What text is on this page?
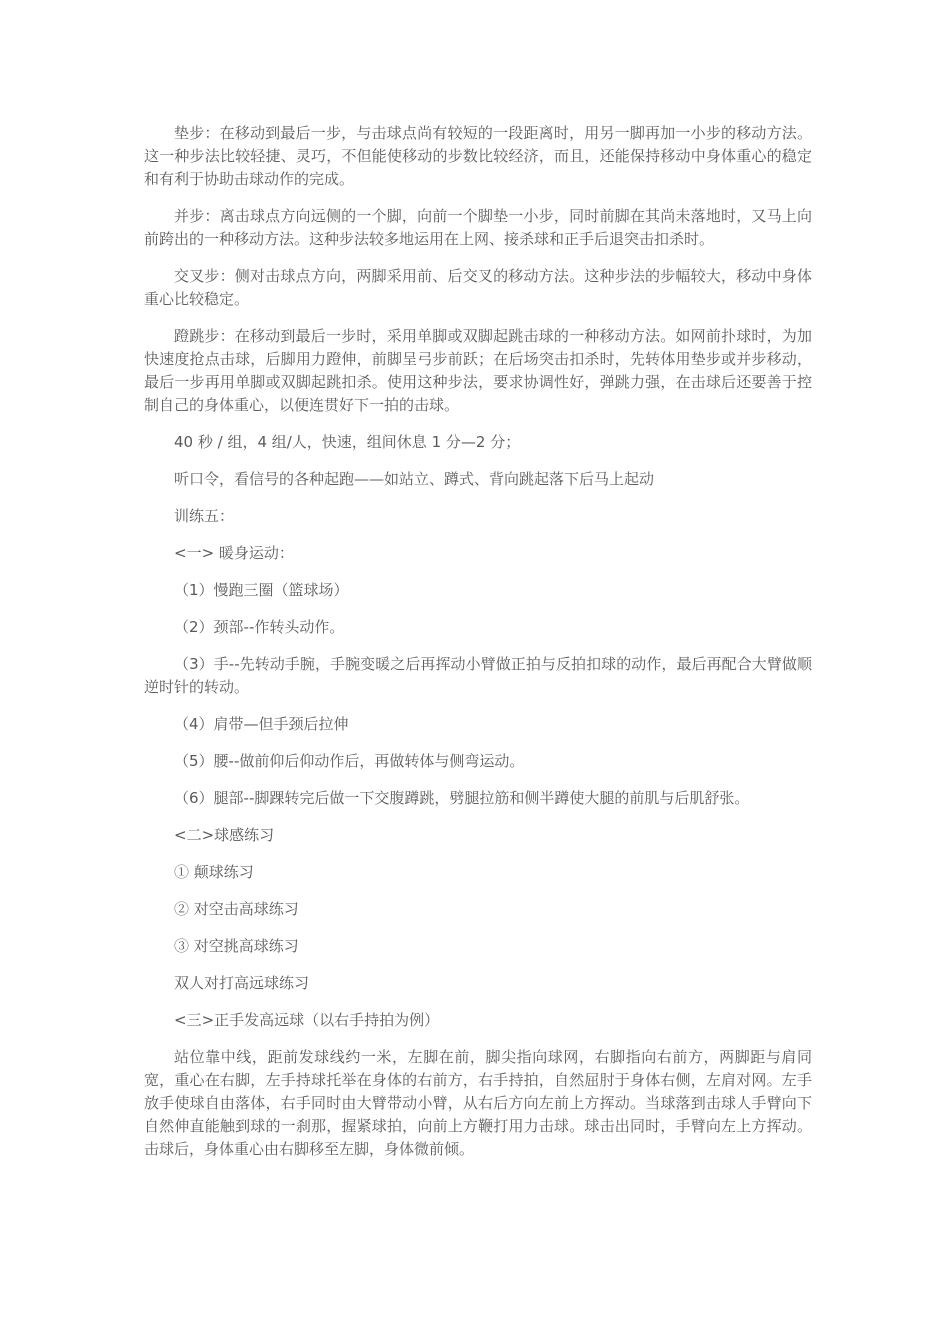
垫步：在移动到最后一步，与击球点尚有较短的一段距离时，用另一脚再加一小步的移动方法。这一种步法比较轻捷、灵巧，不但能使移动的步数比较经济，而且，还能保持移动中身体重心的稳定和有利于协助击球动作的完成。

并步：离击球点方向远侧的一个脚，向前一个脚垫一小步，同时前脚在其尚未落地时，又马上向前跨出的一种移动方法。这种步法较多地运用在上网、接杀球和正手后退突击扣杀时。

交叉步：侧对击球点方向，两脚采用前、后交叉的移动方法。这种步法的步幅较大，移动中身体重心比较稳定。

蹬跳步：在移动到最后一步时，采用单脚或双脚起跳击球的一种移动方法。如网前扑球时，为加快速度抢点击球，后脚用力蹬伸，前脚呈弓步前跃；在后场突击扣杀时，先转体用垫步或并步移动，最后一步再用单脚或双脚起跳扣杀。使用这种步法，要求协调性好，弹跳力强，在击球后还要善于控制自己的身体重心，以便连贯好下一拍的击球。

40 秒 / 组，4 组/人，快速，组间休息 1 分—2 分；

听口令，看信号的各种起跑——如站立、蹲式、背向跳起落下后马上起动

训练五：

<一> 暖身运动：

（1）慢跑三圈（篮球场）

（2）颈部--作转头动作。

（3）手--先转动手腕，手腕变暖之后再挥动小臂做正拍与反拍扣球的动作，最后再配合大臂做顺逆时针的转动。

（4）肩带—但手颈后拉伸

（5）腰--做前仰后仰动作后，再做转体与侧弯运动。

（6）腿部--脚踝转完后做一下交腹蹲跳，劈腿拉筋和侧半蹲使大腿的前肌与后肌舒张。

<二>球感练习

① 颠球练习

② 对空击高球练习

③ 对空挑高球练习

双人对打高远球练习

<三>正手发高远球（以右手持拍为例）

站位靠中线，距前发球线约一米，左脚在前，脚尖指向球网，右脚指向右前方，两脚距与肩同宽，重心在右脚，左手持球托举在身体的右前方，右手持拍，自然屈肘于身体右侧，左肩对网。左手放手使球自由落体，右手同时由大臂带动小臂，从右后方向左前上方挥动。当球落到击球人手臂向下自然伸直能触到球的一刹那，握紧球拍，向前上方鞭打用力击球。球击出同时，手臂向左上方挥动。击球后，身体重心由右脚移至左脚，身体微前倾。
